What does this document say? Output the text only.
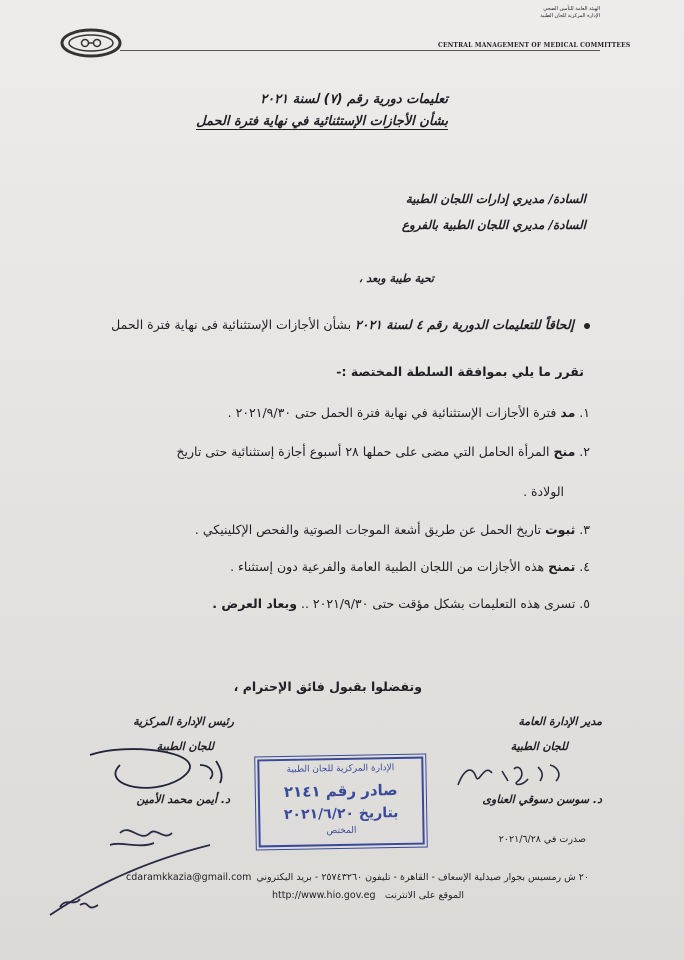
الهيئة العامة للتأمين الصحي
الإدارة المركزية للجان الطبية
CENTRAL MANAGEMENT OF MEDICAL COMMITTEES
تعليمات دورية رقم (٧) لسنة ٢٠٢١
بشأن الأجازات الإستثنائية في نهاية فترة الحمل
السادة/ مديري إدارات اللجان الطبية
السادة/ مديري اللجان الطبية بالفروع
تحية طيبة وبعد ،
إلحاقاً للتعليمات الدورية رقم ٤ لسنة ٢٠٢١ بشأن الأجازات الإستثنائية فى نهاية فترة الحمل
تقرر ما يلي بموافقة السلطة المختصة :-
١. مد فترة الأجازات الإستثنائية في نهاية فترة الحمل حتى ٢٠٢١/٩/٣٠ .
٢. منح المرأة الحامل التي مضى على حملها ٢٨ أسبوع أجازة إستثنائية حتى تاريخ
الولادة .
٣. ثبوت تاريخ الحمل عن طريق أشعة الموجات الصوتية والفحص الإكلينيكي .
٤. تمنح هذه الأجازات من اللجان الطبية العامة والفرعية دون إستثناء .
٥. تسرى هذه التعليمات بشكل مؤقت حتى ٢٠٢١/٩/٣٠ .. وبعاد العرض .
وتفضلوا بقبول فائق الإحترام ،
مدير الإدارة العامة
للجان الطبية
د. سوسن دسوقي العناوى
رئيس الإدارة المركزية
للجان الطبية
د. أيمن محمد الأمين
الإدارة المركزية للجان الطبية
صادر رقم ٢١٤١
بتاريخ ٢٠٢١/٦/٢٠
المختص
صدرت في ٢٠٢١/٦/٢٨
cdaramkkazia@gmail.com ٢٠ ش رمسيس بجوار صيدلية الإسعاف - القاهرة - تليفون ٢٥٧٤٣٢٦٠ - بريد اليكتروني
http://www.hio.gov.eg الموقع على الانترنت
